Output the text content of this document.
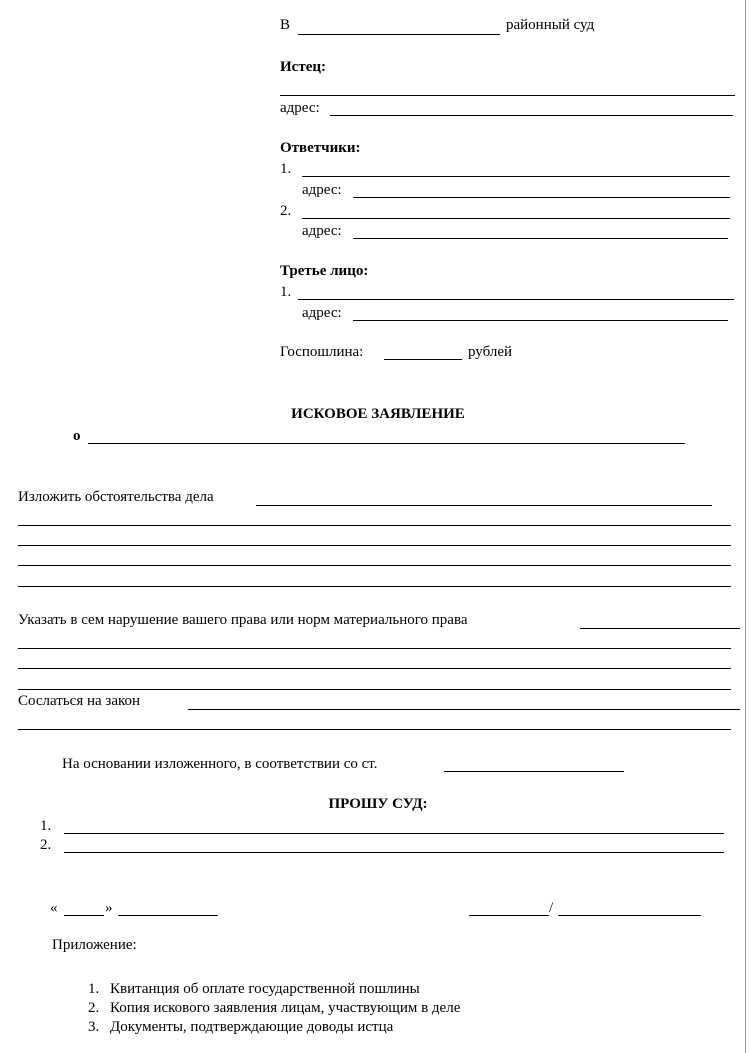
В	районный суд
Истец:
адрес:
Ответчики:
1.
адрес:
2.
адрес:
Третье лицо:
1.
адрес:
Госпошлина:	рублей
ИСКОВОЕ ЗАЯВЛЕНИЕ
о
Изложить обстоятельства дела
Указать в сем нарушение вашего права или норм материального права
Сослаться на закон
На основании изложенного, в соответствии со ст.
ПРОШУ СУД:
1.
2.
«	»	/
Приложение:
1. Квитанция об оплате государственной пошлины
2. Копия искового заявления лицам, участвующим в деле
3. Документы, подтверждающие доводы истца
